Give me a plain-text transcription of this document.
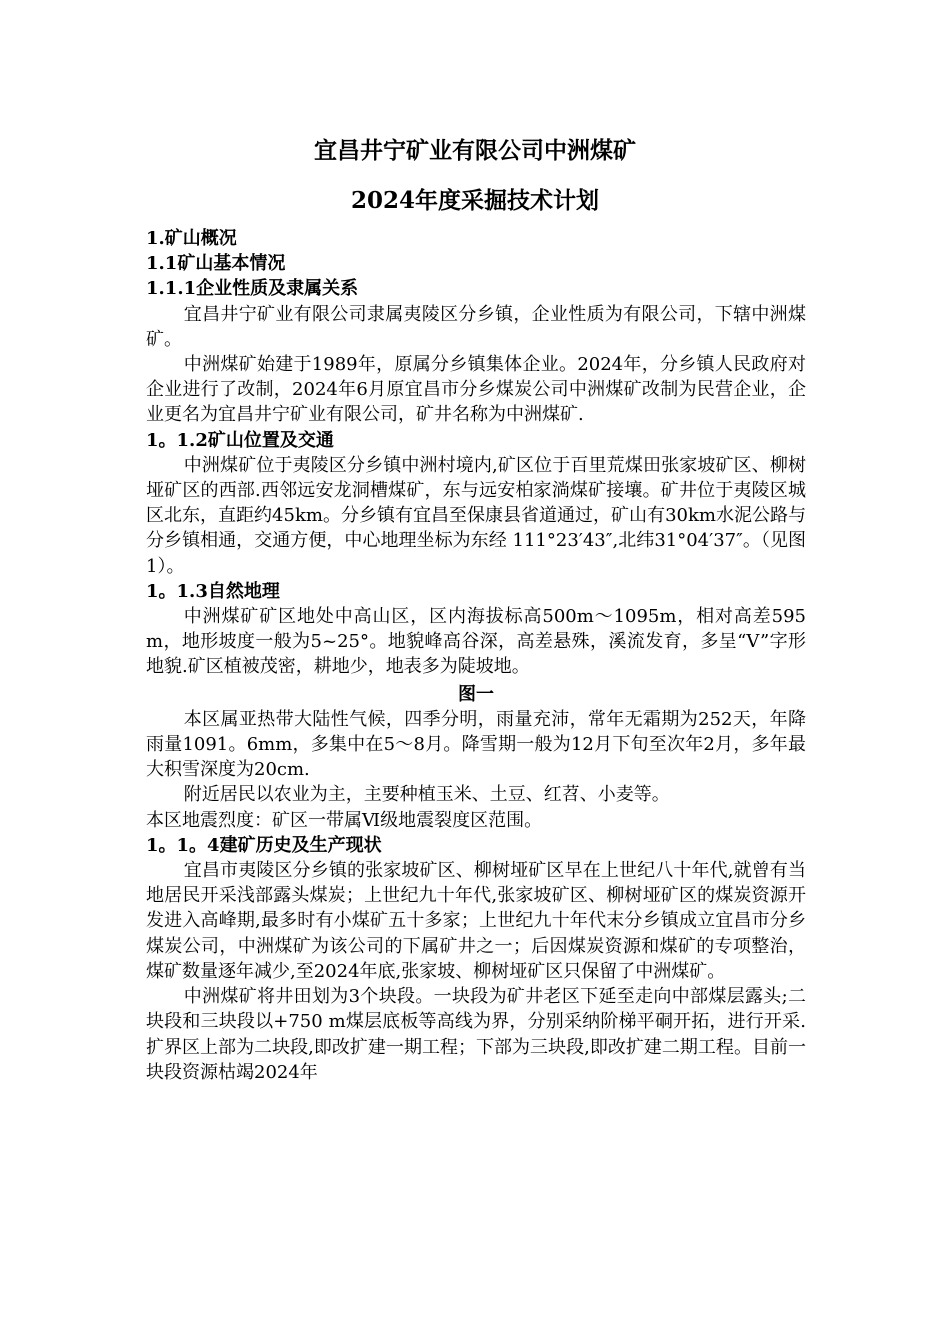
宜昌井宁矿业有限公司中洲煤矿
2024年度采掘技术计划
1.矿山概况
1.1矿山基本情况
1.1.1企业性质及隶属关系

宜昌井宁矿业有限公司隶属夷陵区分乡镇，企业性质为有限公司，下辖中洲煤矿。

中洲煤矿始建于1989年，原属分乡镇集体企业。2024年，分乡镇人民政府对企业进行了改制，2024年6月原宜昌市分乡煤炭公司中洲煤矿改制为民营企业，企业更名为宜昌井宁矿业有限公司，矿井名称为中洲煤矿.

1。1.2矿山位置及交通

中洲煤矿位于夷陵区分乡镇中洲村境内,矿区位于百里荒煤田张家坡矿区、柳树垭矿区的西部.西邻远安龙洞槽煤矿，东与远安柏家淌煤矿接壤。矿井位于夷陵区城区北东，直距约45km。分乡镇有宜昌至保康县省道通过，矿山有30km水泥公路与分乡镇相通，交通方便，中心地理坐标为东经 111°23′43″,北纬31°04′37″。（见图1）。

1。1.3自然地理

中洲煤矿矿区地处中高山区，区内海拔标高500m～1095m，相对高差595 m，地形坡度一般为5~25°。地貌峰高谷深，高差悬殊，溪流发育，多呈“V”字形地貌.矿区植被茂密，耕地少，地表多为陡坡地。

图一

本区属亚热带大陆性气候，四季分明，雨量充沛，常年无霜期为252天，年降雨量1091。6mm，多集中在5～8月。降雪期一般为12月下旬至次年2月，多年最大积雪深度为20cm.

附近居民以农业为主，主要种植玉米、土豆、红苕、小麦等。

本区地震烈度：矿区一带属Ⅵ级地震裂度区范围。

1。1。4建矿历史及生产现状

宜昌市夷陵区分乡镇的张家坡矿区、柳树垭矿区早在上世纪八十年代,就曾有当地居民开采浅部露头煤炭；上世纪九十年代,张家坡矿区、柳树垭矿区的煤炭资源开发进入高峰期,最多时有小煤矿五十多家；上世纪九十年代末分乡镇成立宜昌市分乡煤炭公司，中洲煤矿为该公司的下属矿井之一；后因煤炭资源和煤矿的专项整治，煤矿数量逐年减少,至2024年底,张家坡、柳树垭矿区只保留了中洲煤矿。

中洲煤矿将井田划为3个块段。一块段为矿井老区下延至走向中部煤层露头;二块段和三块段以+750 m煤层底板等高线为界，分别采纳阶梯平硐开拓，进行开采.扩界区上部为二块段,即改扩建一期工程；下部为三块段,即改扩建二期工程。目前一块段资源枯竭2024年
